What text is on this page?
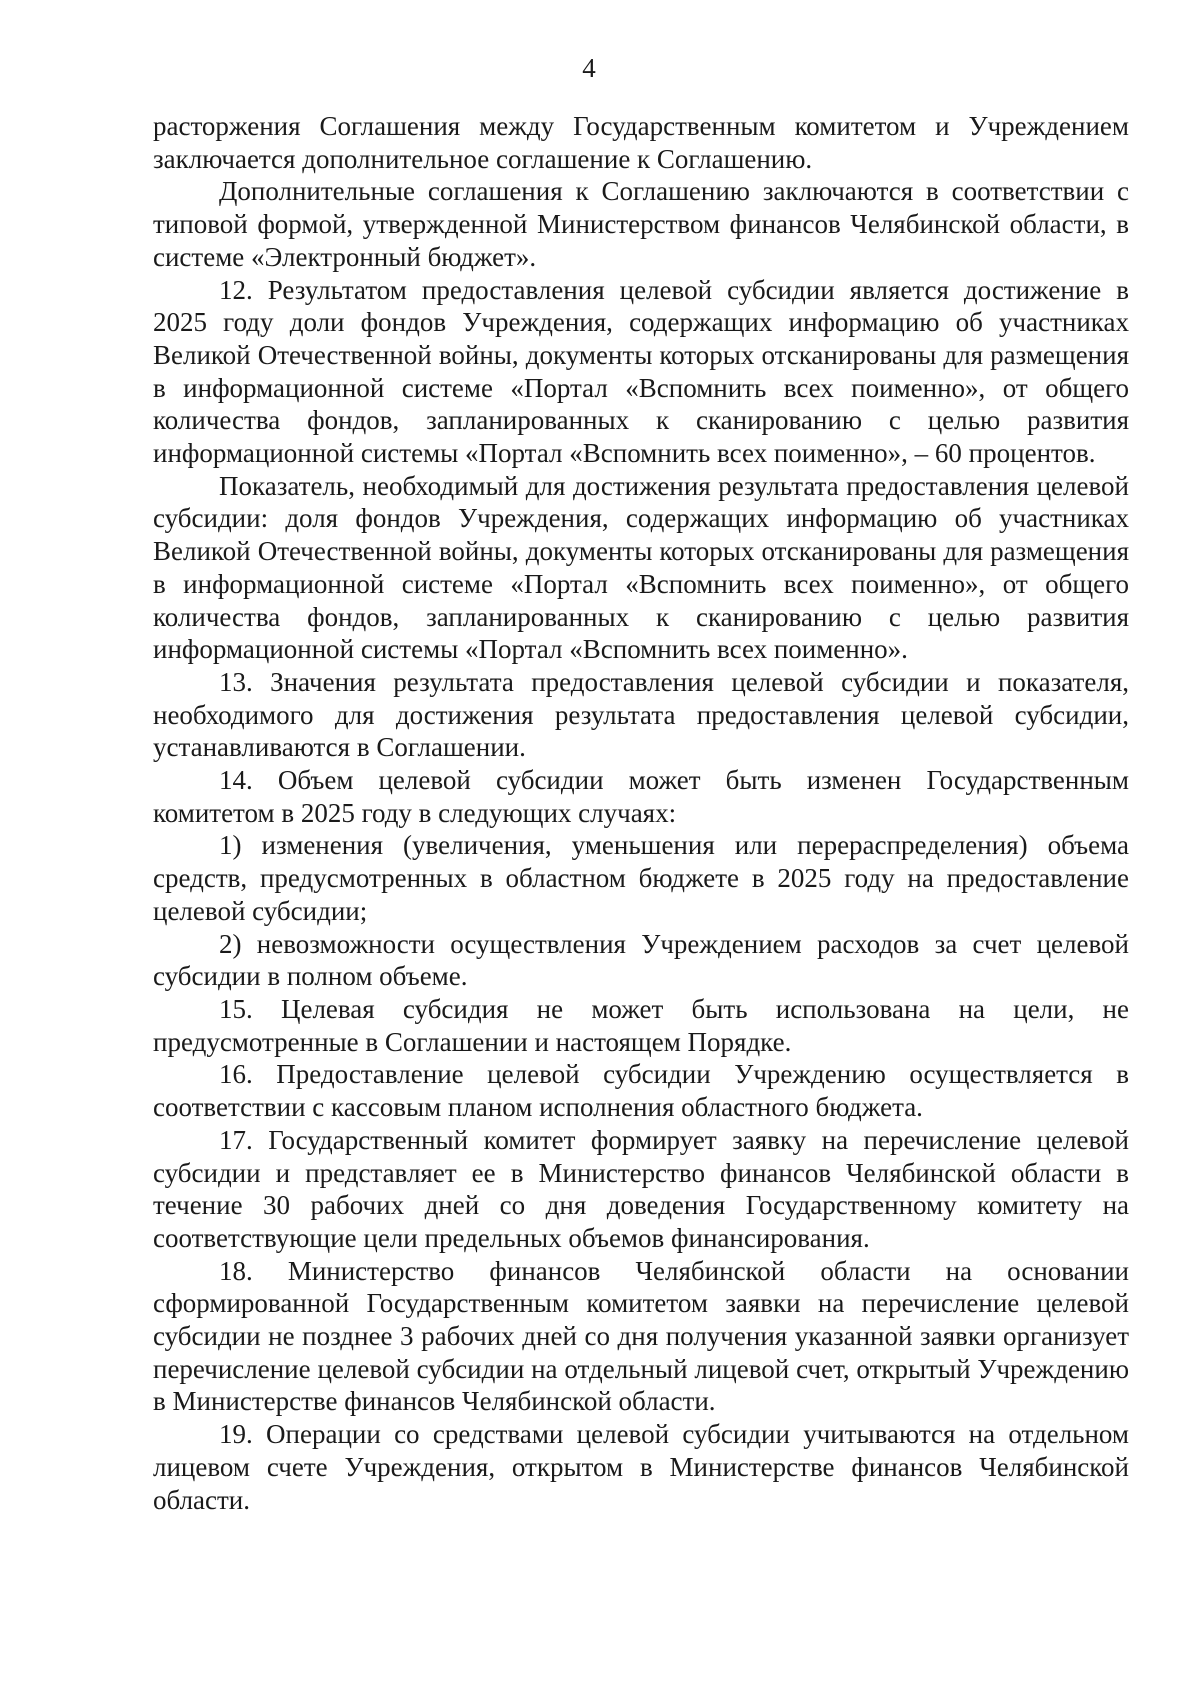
4

расторжения Соглашения между Государственным комитетом и Учреждением заключается дополнительное соглашение к Соглашению.

Дополнительные соглашения к Соглашению заключаются в соответствии с типовой формой, утвержденной Министерством финансов Челябинской области, в системе «Электронный бюджет».

12. Результатом предоставления целевой субсидии является достижение в 2025 году доли фондов Учреждения, содержащих информацию об участниках Великой Отечественной войны, документы которых отсканированы для размещения в информационной системе «Портал «Вспомнить всех поименно», от общего количества фондов, запланированных к сканированию с целью развития информационной системы «Портал «Вспомнить всех поименно», – 60 процентов.

Показатель, необходимый для достижения результата предоставления целевой субсидии: доля фондов Учреждения, содержащих информацию об участниках Великой Отечественной войны, документы которых отсканированы для размещения в информационной системе «Портал «Вспомнить всех поименно», от общего количества фондов, запланированных к сканированию с целью развития информационной системы «Портал «Вспомнить всех поименно».

13. Значения результата предоставления целевой субсидии и показателя, необходимого для достижения результата предоставления целевой субсидии, устанавливаются в Соглашении.

14. Объем целевой субсидии может быть изменен Государственным комитетом в 2025 году в следующих случаях:

1) изменения (увеличения, уменьшения или перераспределения) объема средств, предусмотренных в областном бюджете в 2025 году на предоставление целевой субсидии;

2) невозможности осуществления Учреждением расходов за счет целевой субсидии в полном объеме.

15. Целевая субсидия не может быть использована на цели, не предусмотренные в Соглашении и настоящем Порядке.

16. Предоставление целевой субсидии Учреждению осуществляется в соответствии с кассовым планом исполнения областного бюджета.

17. Государственный комитет формирует заявку на перечисление целевой субсидии и представляет ее в Министерство финансов Челябинской области в течение 30 рабочих дней со дня доведения Государственному комитету на соответствующие цели предельных объемов финансирования.

18. Министерство финансов Челябинской области на основании сформированной Государственным комитетом заявки на перечисление целевой субсидии не позднее 3 рабочих дней со дня получения указанной заявки организует перечисление целевой субсидии на отдельный лицевой счет, открытый Учреждению в Министерстве финансов Челябинской области.

19. Операции со средствами целевой субсидии учитываются на отдельном лицевом счете Учреждения, открытом в Министерстве финансов Челябинской области.
